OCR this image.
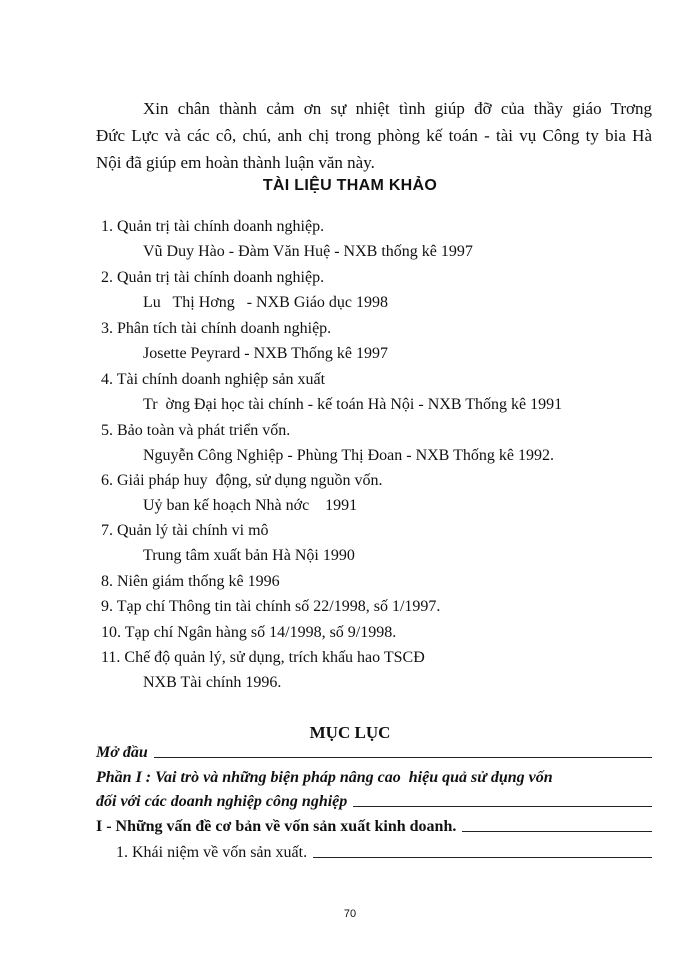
Xin chân thành cảm ơn sự nhiệt tình giúp đỡ của thầy giáo Trơng
Đức Lực và các cô, chú, anh chị trong phòng kế toán - tài vụ Công ty bia Hà
Nội đã giúp em hoàn thành luận văn này.
TÀI LIỆU THAM KHẢO
1. Quản trị tài chính doanh nghiệp.
Vũ Duy Hào - Đàm Văn Huệ - NXB thống kê 1997
2. Quản trị tài chính doanh nghiệp.
Lu   Thị Hơng   - NXB Giáo dục 1998
3. Phân tích tài chính doanh nghiệp.
Josette Peyrard - NXB Thống kê 1997
4. Tài chính doanh nghiệp sản xuất
Tr  ờng Đại học tài chính - kế toán Hà Nội - NXB Thống kê 1991
5. Bảo toàn và phát triển vốn.
Nguyễn Công Nghiệp - Phùng Thị Đoan - NXB Thống kê 1992.
6. Giải pháp huy  động, sử dụng nguồn vốn.
Uỷ ban kế hoạch Nhà nớc    1991
7. Quản lý tài chính vi mô
Trung tâm xuất bản Hà Nội 1990
8. Niên giám thống kê 1996
9. Tạp chí Thông tin tài chính số 22/1998, số 1/1997.
10. Tạp chí Ngân hàng số 14/1998, số 9/1998.
11. Chế độ quản lý, sử dụng, trích khấu hao TSCĐ
NXB Tài chính 1996.
MỤC LỤC
Mở đầu
Phần I : Vai trò và những biện pháp nâng cao  hiệu quả sử dụng vốn
đối với các doanh nghiệp công nghiệp
I - Những vấn đề cơ bản về vốn sản xuất kinh doanh.
1. Khái niệm về vốn sản xuất.
70
